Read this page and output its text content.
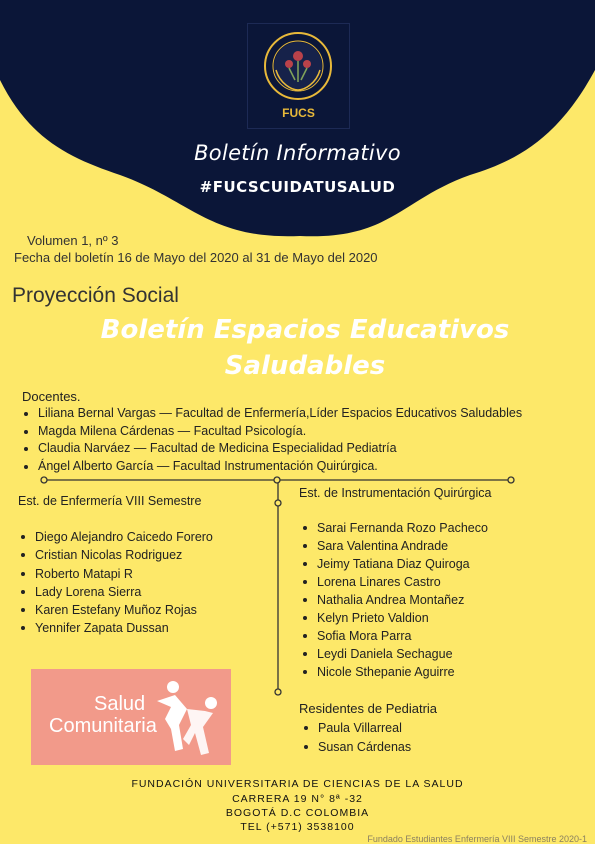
FUCS
Boletín Informativo
#FUCSCUIDATUSALUD
Volumen 1, nº 3
Fecha del boletín 16 de Mayo del 2020 al 31 de Mayo del 2020
Proyección Social
Boletín Espacios Educativos
Saludables
Docentes.
Liliana Bernal Vargas — Facultad de Enfermería,Líder Espacios Educativos Saludables
Magda Milena Cárdenas — Facultad Psicología.
Claudia Narváez — Facultad de Medicina Especialidad Pediatría
Ángel Alberto García — Facultad Instrumentación Quirúrgica.
Est. de Enfermería VIII Semestre
Diego Alejandro Caicedo Forero
Cristian Nicolas Rodriguez
Roberto Matapi R
Lady Lorena Sierra
Karen Estefany Muñoz Rojas
Yennifer Zapata Dussan
Est. de Instrumentación Quirúrgica
Sarai Fernanda Rozo Pacheco
Sara Valentina Andrade
Jeimy Tatiana Diaz Quiroga
Lorena Linares Castro
Nathalia Andrea Montañez
Kelyn Prieto Valdion
Sofia Mora Parra
Leydi Daniela Sechague
Nicole Sthepanie Aguirre
Residentes de Pediatria
Paula Villarreal
Susan Cárdenas
Salud
Comunitaria
FUNDACIÓN UNIVERSITARIA DE CIENCIAS DE LA SALUD
CARRERA 19 N° 8ª -32
BOGOTÁ D.C COLOMBIA
TEL (+571) 3538100
Fundado Estudiantes Enfermería VIII Semestre 2020-1
